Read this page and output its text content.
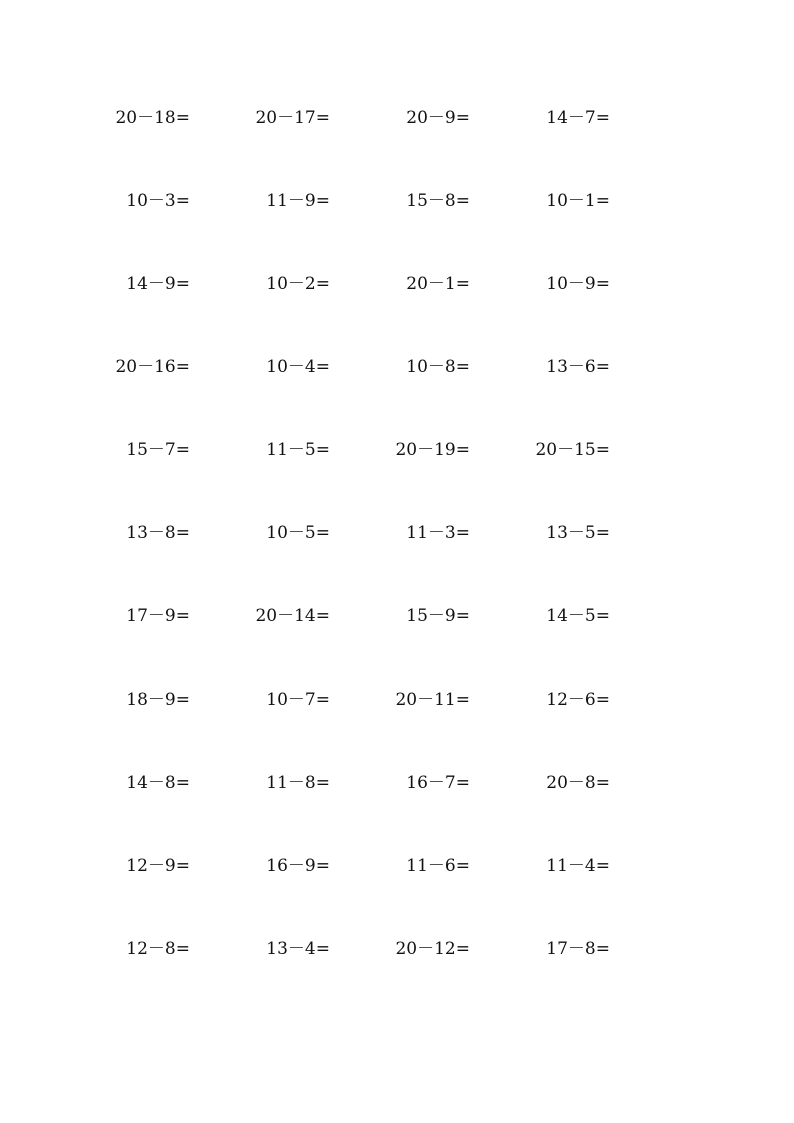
20－18=	20－17=	20－9=	14－7=
10－3=	11－9=	15－8=	10－1=
14－9=	10－2=	20－1=	10－9=
20－16=	10－4=	10－8=	13－6=
15－7=	11－5=	20－19=	20－15=
13－8=	10－5=	11－3=	13－5=
17－9=	20－14=	15－9=	14－5=
18－9=	10－7=	20－11=	12－6=
14－8=	11－8=	16－7=	20－8=
12－9=	16－9=	11－6=	11－4=
12－8=	13－4=	20－12=	17－8=
